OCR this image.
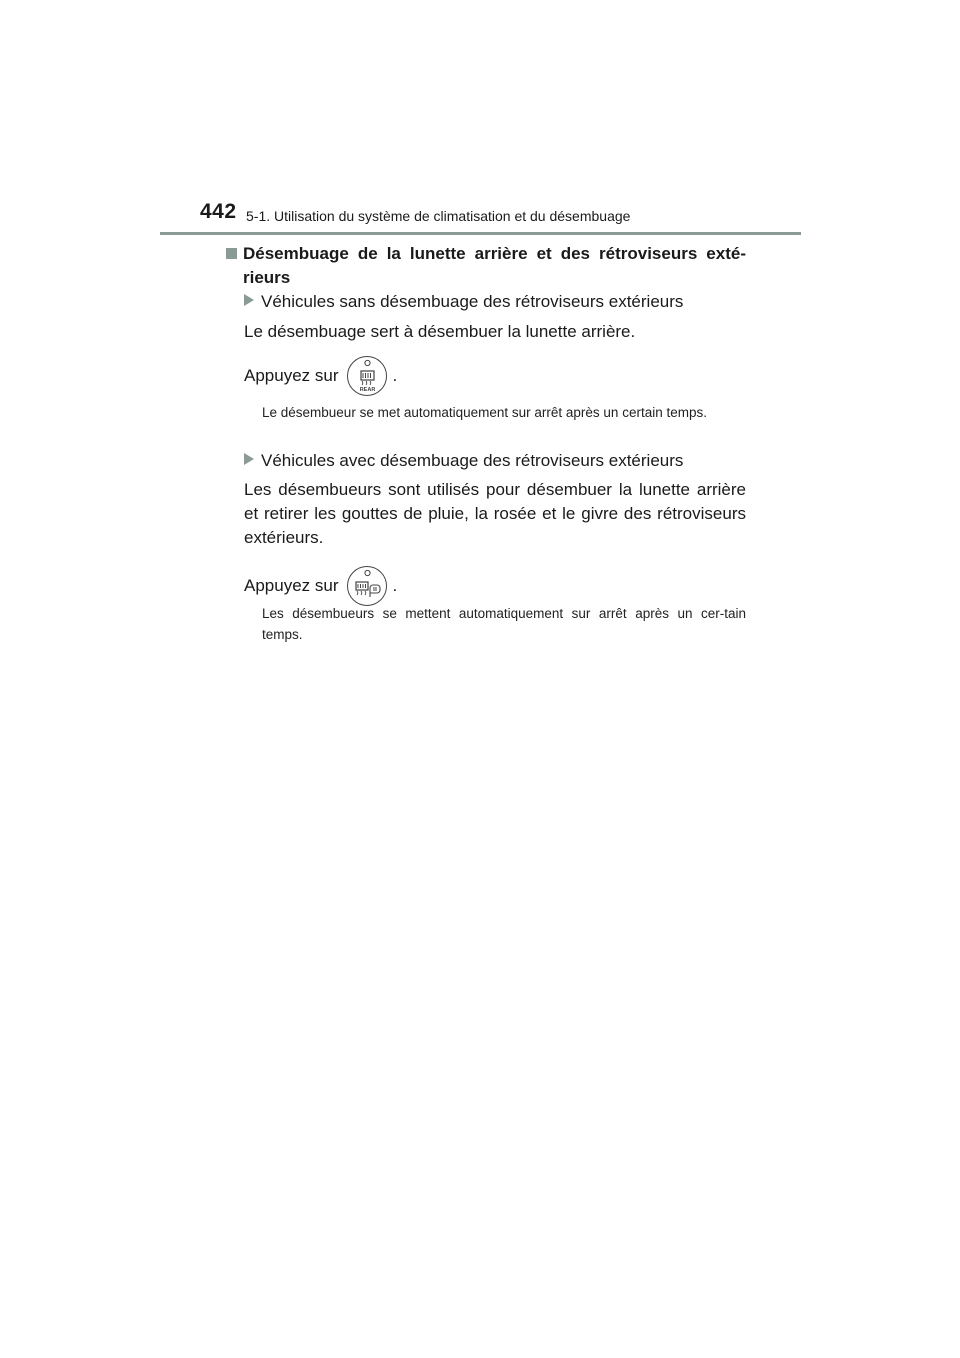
442 5-1. Utilisation du système de climatisation et du désembuage
Désembuage de la lunette arrière et des rétroviseurs exté-rieurs
Véhicules sans désembuage des rétroviseurs extérieurs
Le désembuage sert à désembuer la lunette arrière.
Appuyez sur
REAR
.
Le désembueur se met automatiquement sur arrêt après un certain temps.
Véhicules avec désembuage des rétroviseurs extérieurs
Les désembueurs sont utilisés pour désembuer la lunette arrière et retirer les gouttes de pluie, la rosée et le givre des rétroviseurs extérieurs.
Appuyez sur	.
Les désembueurs se mettent automatiquement sur arrêt après un cer-tain temps.
